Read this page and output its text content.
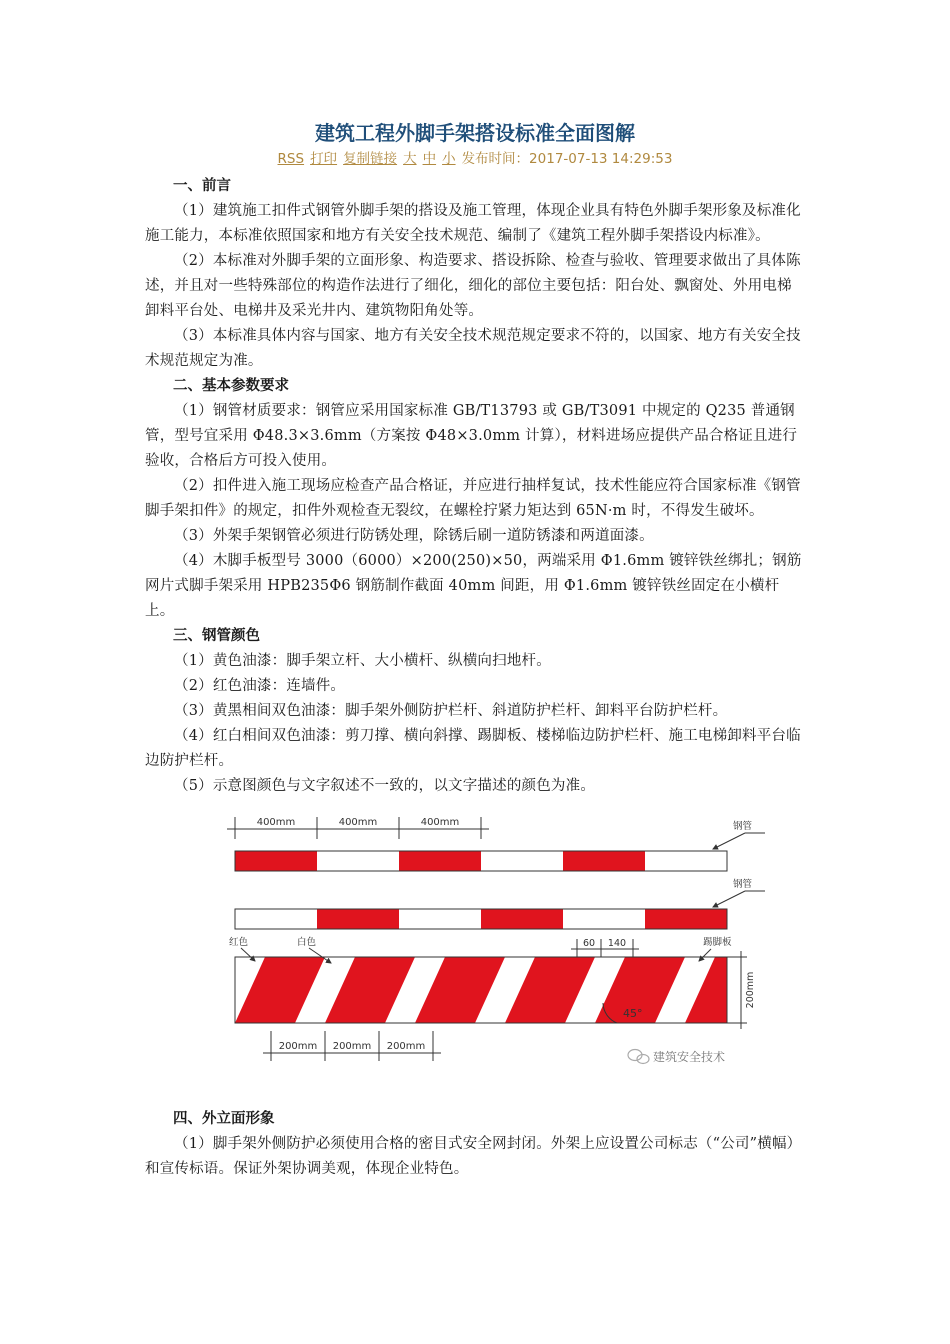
建筑工程外脚手架搭设标准全面图解
RSS 打印 复制链接 大 中 小 发布时间：2017-07-13 14:29:53
一、前言

（1）建筑施工扣件式钢管外脚手架的搭设及施工管理，体现企业具有特色外脚手架形象及标准化施工能力，本标准依照国家和地方有关安全技术规范、编制了《建筑工程外脚手架搭设内标准》。

（2）本标准对外脚手架的立面形象、构造要求、搭设拆除、检查与验收、管理要求做出了具体陈述，并且对一些特殊部位的构造作法进行了细化，细化的部位主要包括：阳台处、飘窗处、外用电梯卸料平台处、电梯井及采光井内、建筑物阳角处等。

（3）本标准具体内容与国家、地方有关安全技术规范规定要求不符的，以国家、地方有关安全技术规范规定为准。

二、基本参数要求

（1）钢管材质要求：钢管应采用国家标准 GB/T13793 或 GB/T3091 中规定的 Q235 普通钢管，型号宜采用 Φ48.3×3.6mm（方案按 Φ48×3.0mm 计算），材料进场应提供产品合格证且进行验收，合格后方可投入使用。

（2）扣件进入施工现场应检查产品合格证，并应进行抽样复试，技术性能应符合国家标准《钢管脚手架扣件》的规定，扣件外观检查无裂纹，在螺栓拧紧力矩达到 65N·m 时，不得发生破坏。

（3）外架手架钢管必须进行防锈处理，除锈后刷一道防锈漆和两道面漆。

（4）木脚手板型号 3000（6000）×200(250)×50，两端采用 Φ1.6mm 镀锌铁丝绑扎；钢筋网片式脚手架采用 HPB235Φ6 钢筋制作截面 40mm 间距，用 Φ1.6mm 镀锌铁丝固定在小横杆上。

三、钢管颜色

（1）黄色油漆：脚手架立杆、大小横杆、纵横向扫地杆。

（2）红色油漆：连墙件。

（3）黄黑相间双色油漆：脚手架外侧防护栏杆、斜道防护栏杆、卸料平台防护栏杆。

（4）红白相间双色油漆：剪刀撑、横向斜撑、踢脚板、楼梯临边防护栏杆、施工电梯卸料平台临边防护栏杆。

（5）示意图颜色与文字叙述不一致的，以文字描述的颜色为准。

400mm	400mm	400mm	钢管
钢管
红色	白色	60 140	踢脚板
200mm
45°
200mm 200mm 200mm
建筑安全技术
四、外立面形象

（1）脚手架外侧防护必须使用合格的密目式安全网封闭。外架上应设置公司标志（“公司”横幅）和宣传标语。保证外架协调美观，体现企业特色。
